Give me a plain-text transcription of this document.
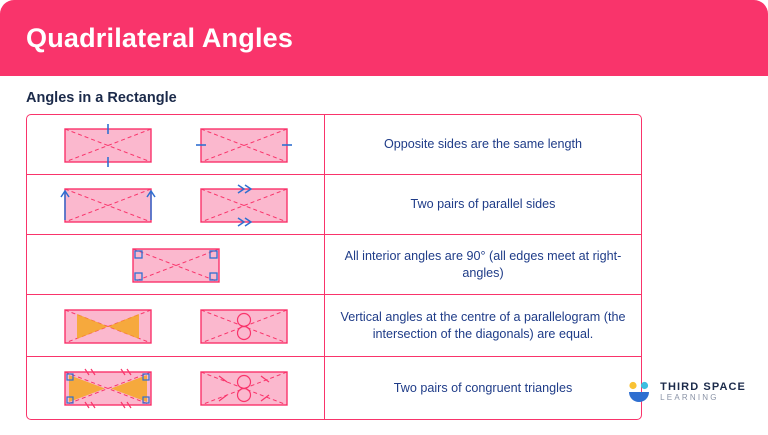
Quadrilateral Angles
Angles in a Rectangle
Opposite sides are the same length
Two pairs of parallel sides
All interior angles are 90° (all edges meet at right-angles)
Vertical angles at the centre of a parallelogram (the intersection of the diagonals) are equal.
Two pairs of congruent triangles	THIRD SPACE
LEARNING
